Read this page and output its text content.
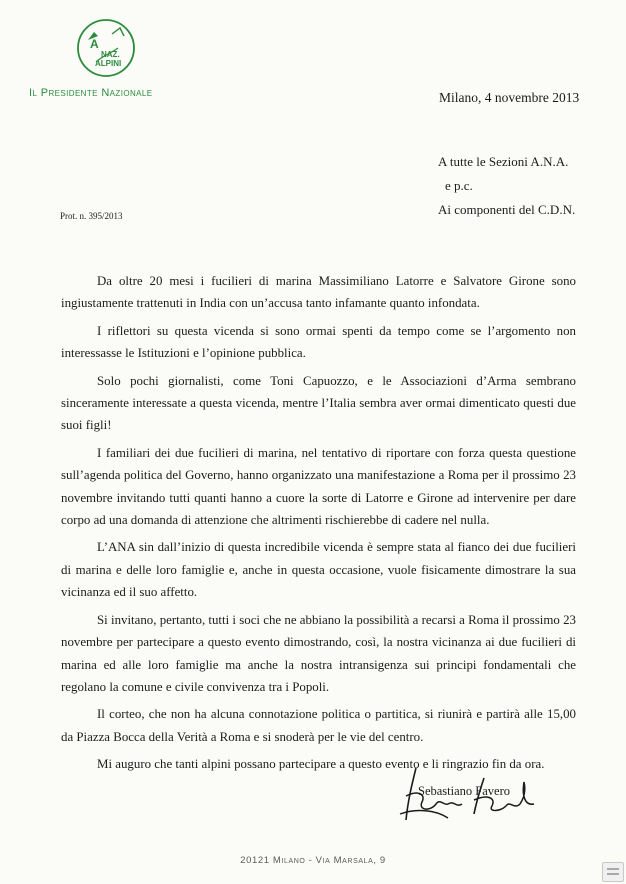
A
NAZ.
ALPINI
Il Presidente Nazionale	Milano, 4 novembre 2013
A tutte le Sezioni A.N.A.
e p.c.
Ai componenti del C.D.N.
Prot. n. 395/2013

Da oltre 20 mesi i fucilieri di marina Massimiliano Latorre e Salvatore Girone sono ingiustamente trattenuti in India con un’accusa tanto infamante quanto infondata.

I riflettori su questa vicenda si sono ormai spenti da tempo come se l’argomento non interessasse le Istituzioni e l’opinione pubblica.

Solo pochi giornalisti, come Toni Capuozzo, e le Associazioni d’Arma sembrano sinceramente interessate a questa vicenda, mentre l’Italia sembra aver ormai dimenticato questi due suoi figli!

I familiari dei due fucilieri di marina, nel tentativo di riportare con forza questa questione sull’agenda politica del Governo, hanno organizzato una manifestazione a Roma per il prossimo 23 novembre invitando tutti quanti hanno a cuore la sorte di Latorre e Girone ad intervenire per dare corpo ad una domanda di attenzione che altrimenti rischierebbe di cadere nel nulla.

L’ANA sin dall’inizio di questa incredibile vicenda è sempre stata al fianco dei due fucilieri di marina e delle loro famiglie e, anche in questa occasione, vuole fisicamente dimostrare la sua vicinanza ed il suo affetto.

Si invitano, pertanto, tutti i soci che ne abbiano la possibilità a recarsi a Roma il prossimo 23 novembre per partecipare a questo evento dimostrando, così, la nostra vicinanza ai due fucilieri di marina ed alle loro famiglie ma anche la nostra intransigenza sui principi fondamentali che regolano la comune e civile convivenza tra i Popoli.

Il corteo, che non ha alcuna connotazione politica o partitica, si riunirà e partirà alle 15,00 da Piazza Bocca della Verità a Roma e si snoderà per le vie del centro.

Mi auguro che tanti alpini possano partecipare a questo evento e li ringrazio fin da ora.

Sebastiano Favero
20121 Milano - Via Marsala, 9
